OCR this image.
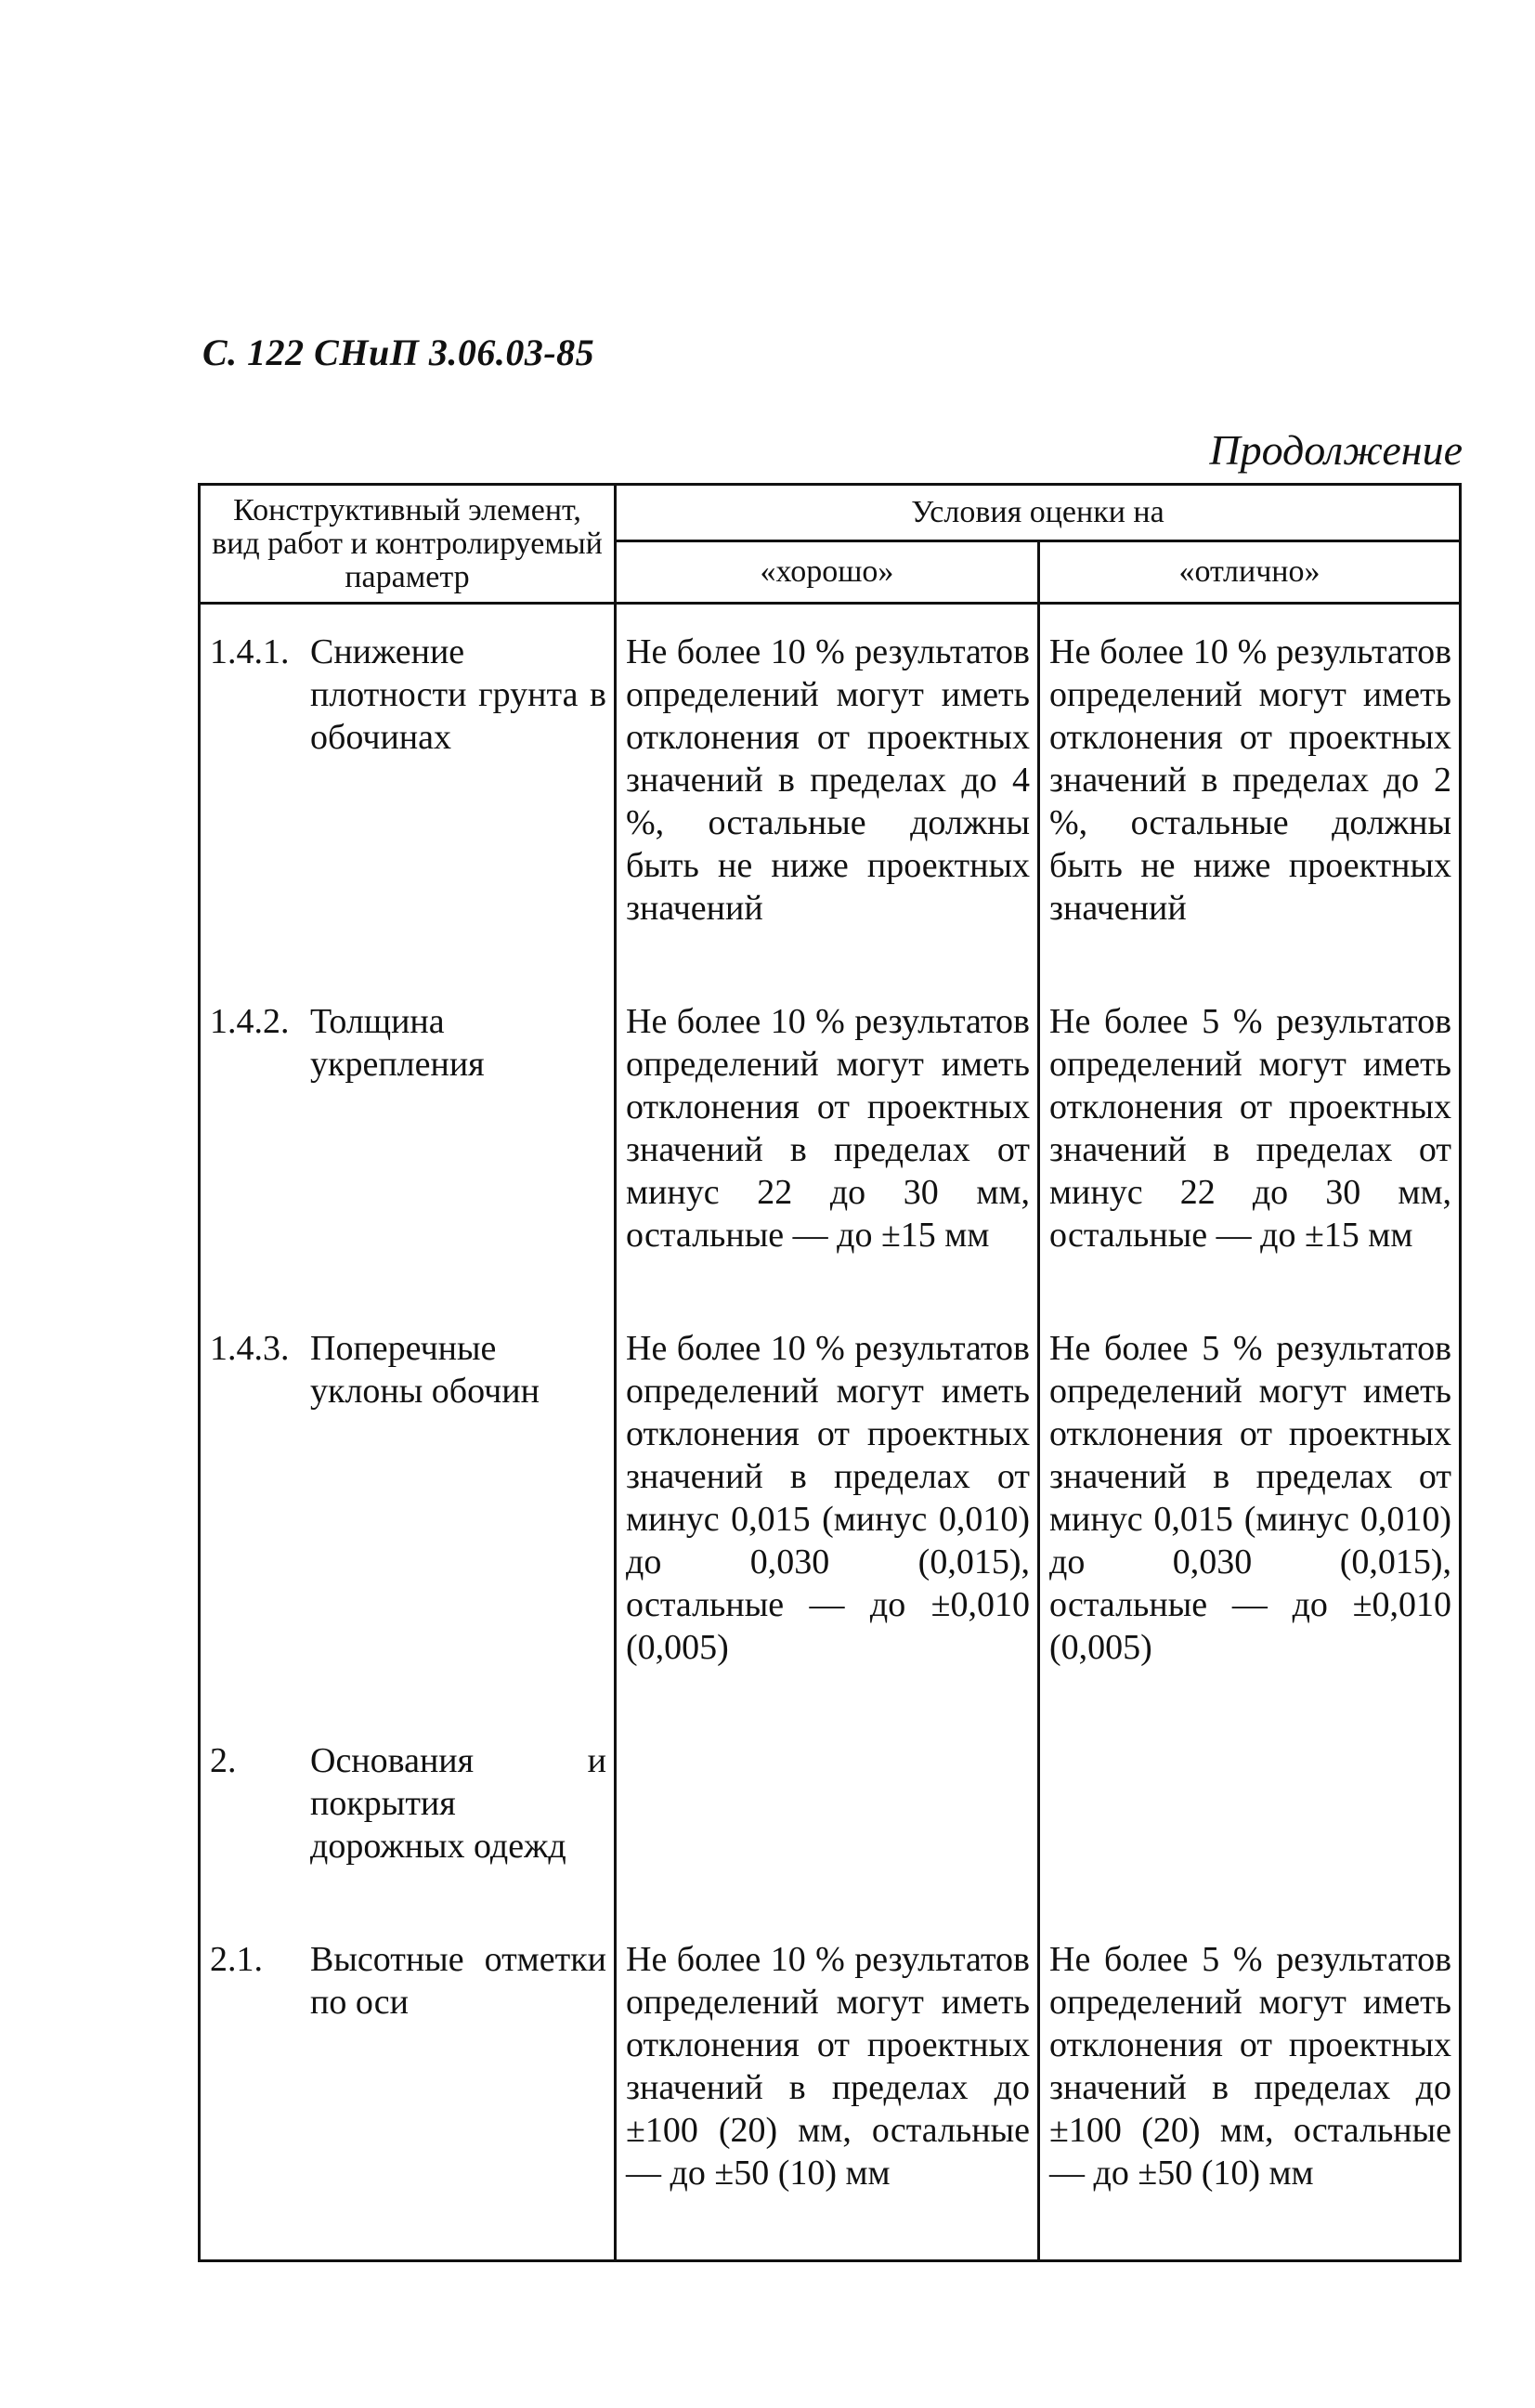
С. 122 СНиП 3.06.03-85
Продолжение
Конструктивный элемент, вид работ и контролируемый параметр	Условия оценки на	
	«хорошо»	«отлично»

1.4.1. Снижение плотности грунта в обочинах	Не более 10 % результатов определений могут иметь отклонения от проектных значений в пределах до 4 %, остальные должны быть не ниже проектных значений	Не более 10 % результатов определений могут иметь отклонения от проектных значений в пределах до 2 %, остальные должны быть не ниже проектных значений

1.4.2. Толщина укрепления	Не более 10 % результатов определений могут иметь отклонения от проектных значений в пределах от минус 22 до 30 мм, остальные — до ±15 мм	Не более 5 % результатов определений могут иметь отклонения от проектных значений в пределах от минус 22 до 30 мм, остальные — до ±15 мм

1.4.3. Поперечные уклоны обочин	Не более 10 % результатов определений могут иметь отклонения от проектных значений в пределах от минус 0,015 (минус 0,010) до 0,030 (0,015), остальные — до ±0,010 (0,005)	Не более 5 % результатов определений могут иметь отклонения от проектных значений в пределах от минус 0,015 (минус 0,010) до 0,030 (0,015), остальные — до ±0,010 (0,005)

2. Основания и покрытия дорожных одежд		

2.1. Высотные отметки по оси	Не более 10 % результатов определений могут иметь отклонения от проектных значений в пределах до ±100 (20) мм, остальные — до ±50 (10) мм	Не более 5 % результатов определений могут иметь отклонения от проектных значений в пределах до ±100 (20) мм, остальные — до ±50 (10) мм
